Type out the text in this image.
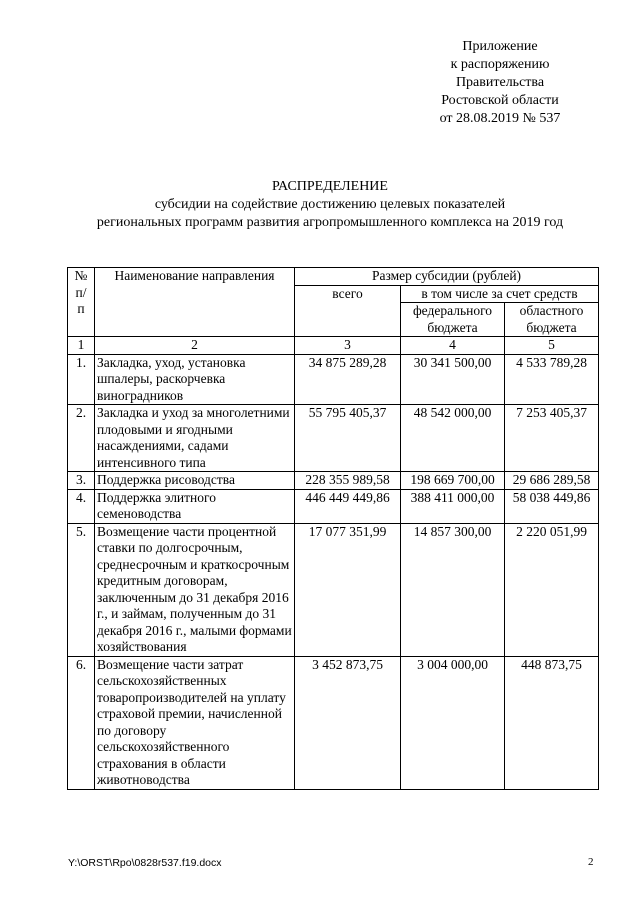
Приложение
к распоряжению
Правительства
Ростовской области
от 28.08.2019 № 537
РАСПРЕДЕЛЕНИЕ
субсидии на содействие достижению целевых показателей
региональных программ развития агропромышленного комплекса на 2019 год
№ п/п	Наименование направления	Размер субсидии (рублей)		
		всего	в том числе за счет средств	
			федерального бюджета	областного бюджета
1	2	3	4	5
1.	Закладка, уход, установка шпалеры, раскорчевка виноградников	34 875 289,28	30 341 500,00	4 533 789,28
2.	Закладка и уход за многолетними плодовыми и ягодными насаждениями, садами интенсивного типа	55 795 405,37	48 542 000,00	7 253 405,37
3.	Поддержка рисоводства	228 355 989,58	198 669 700,00	29 686 289,58
4.	Поддержка элитного семеноводства	446 449 449,86	388 411 000,00	58 038 449,86
5.	Возмещение части процентной ставки по долгосрочным, среднесрочным и краткосрочным кредитным договорам, заключенным до 31 декабря 2016 г., и займам, полученным до 31 декабря 2016 г., малыми формами хозяйствования	17 077 351,99	14 857 300,00	2 220 051,99
6.	Возмещение части затрат сельскохозяйственных товаропроизводителей на уплату страховой премии, начисленной по договору сельскохозяйственного страхования в области животноводства	3 452 873,75	3 004 000,00	448 873,75
Y:\ORST\Rpo\0828r537.f19.docx	2
